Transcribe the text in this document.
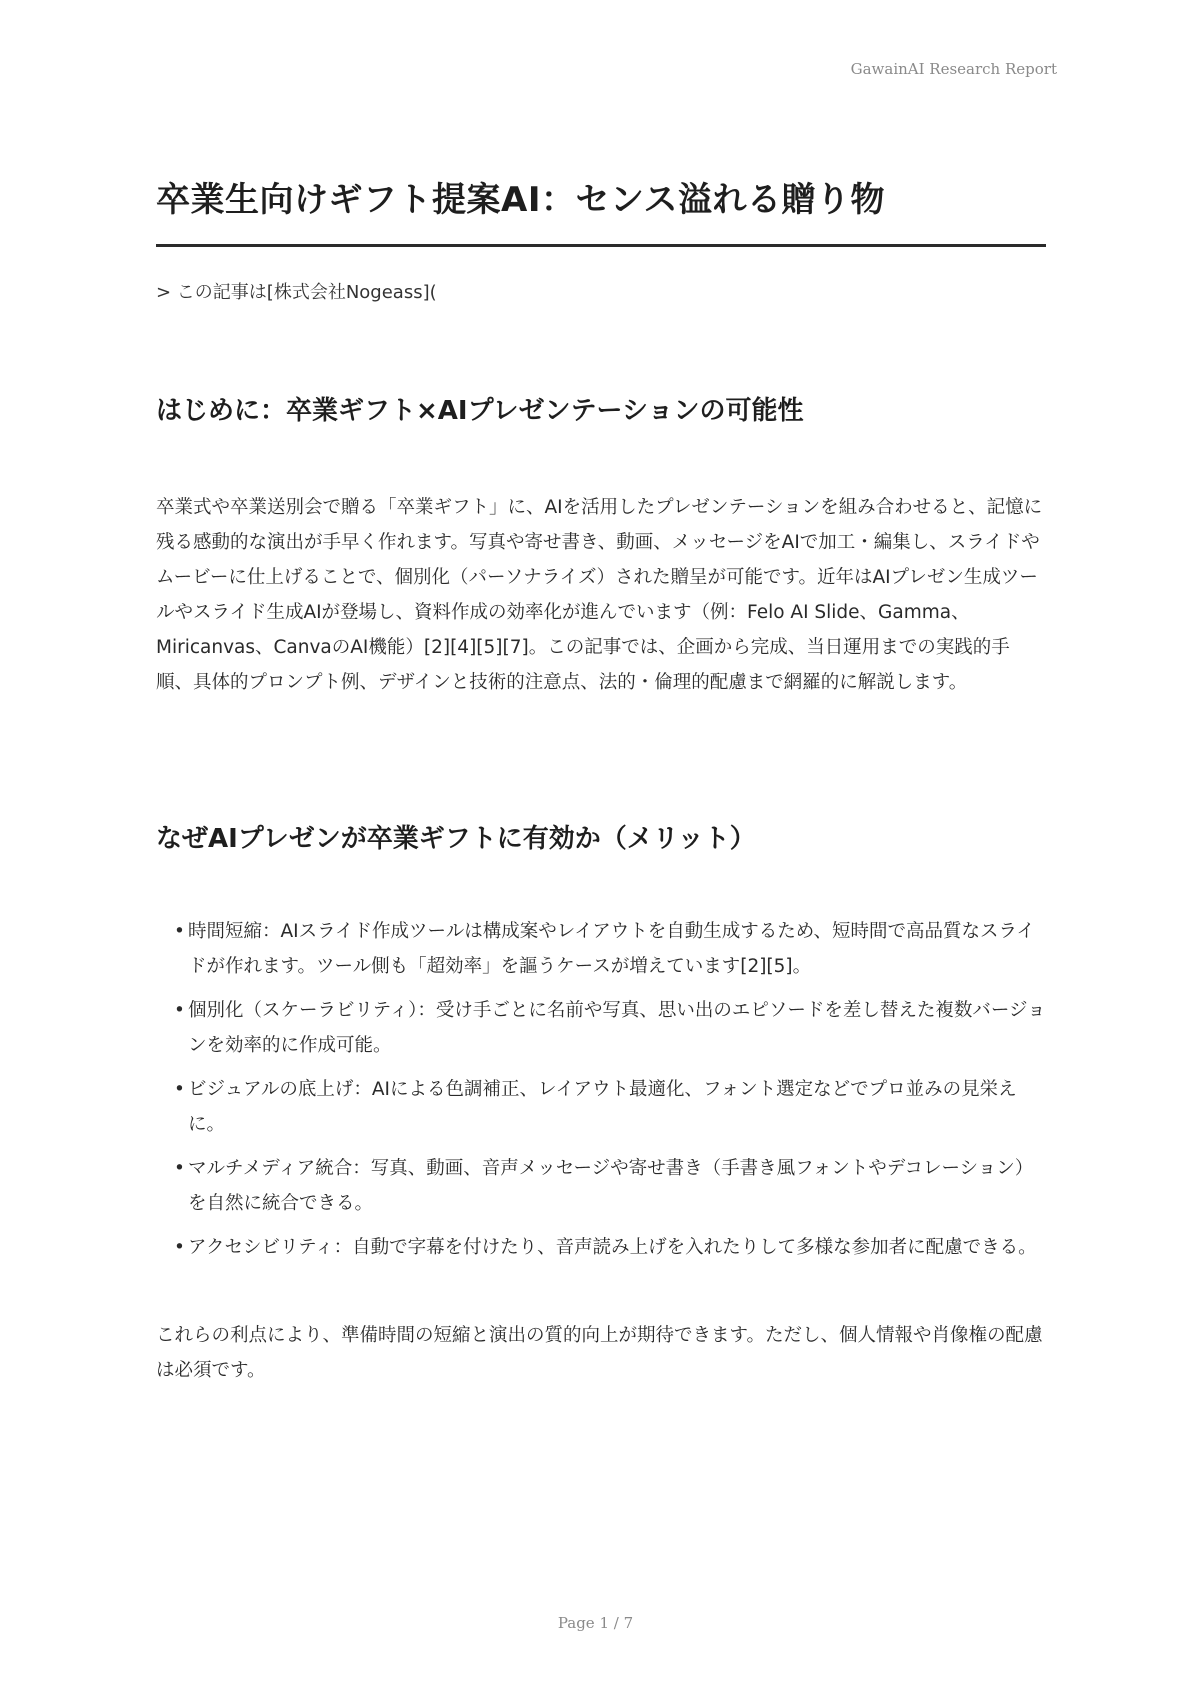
GawainAI Research Report
卒業生向けギフト提案AI：センス溢れる贈り物
> この記事は[株式会社Nogeass](
はじめに：卒業ギフト×AIプレゼンテーションの可能性

卒業式や卒業送別会で贈る「卒業ギフト」に、AIを活用したプレゼンテーションを組み合わせると、記憶に残る感動的な演出が手早く作れます。写真や寄せ書き、動画、メッセージをAIで加工・編集し、スライドやムービーに仕上げることで、個別化（パーソナライズ）された贈呈が可能です。近年はAIプレゼン生成ツールやスライド生成AIが登場し、資料作成の効率化が進んでいます（例：Felo AI Slide、Gamma、Miricanvas、CanvaのAI機能）[2][4][5][7]。この記事では、企画から完成、当日運用までの実践的手順、具体的プロンプト例、デザインと技術的注意点、法的・倫理的配慮まで網羅的に解説します。

なぜAIプレゼンが卒業ギフトに有効か（メリット）
• 時間短縮：AIスライド作成ツールは構成案やレイアウトを自動生成するため、短時間で高品質なスライドが作れます。ツール側も「超効率」を謳うケースが増えています[2][5]。
• 個別化（スケーラビリティ）：受け手ごとに名前や写真、思い出のエピソードを差し替えた複数バージョンを効率的に作成可能。
• ビジュアルの底上げ：AIによる色調補正、レイアウト最適化、フォント選定などでプロ並みの見栄えに。
• マルチメディア統合：写真、動画、音声メッセージや寄せ書き（手書き風フォントやデコレーション）を自然に統合できる。
• アクセシビリティ：自動で字幕を付けたり、音声読み上げを入れたりして多様な参加者に配慮できる。

これらの利点により、準備時間の短縮と演出の質的向上が期待できます。ただし、個人情報や肖像権の配慮は必須です。

Page 1 / 7
